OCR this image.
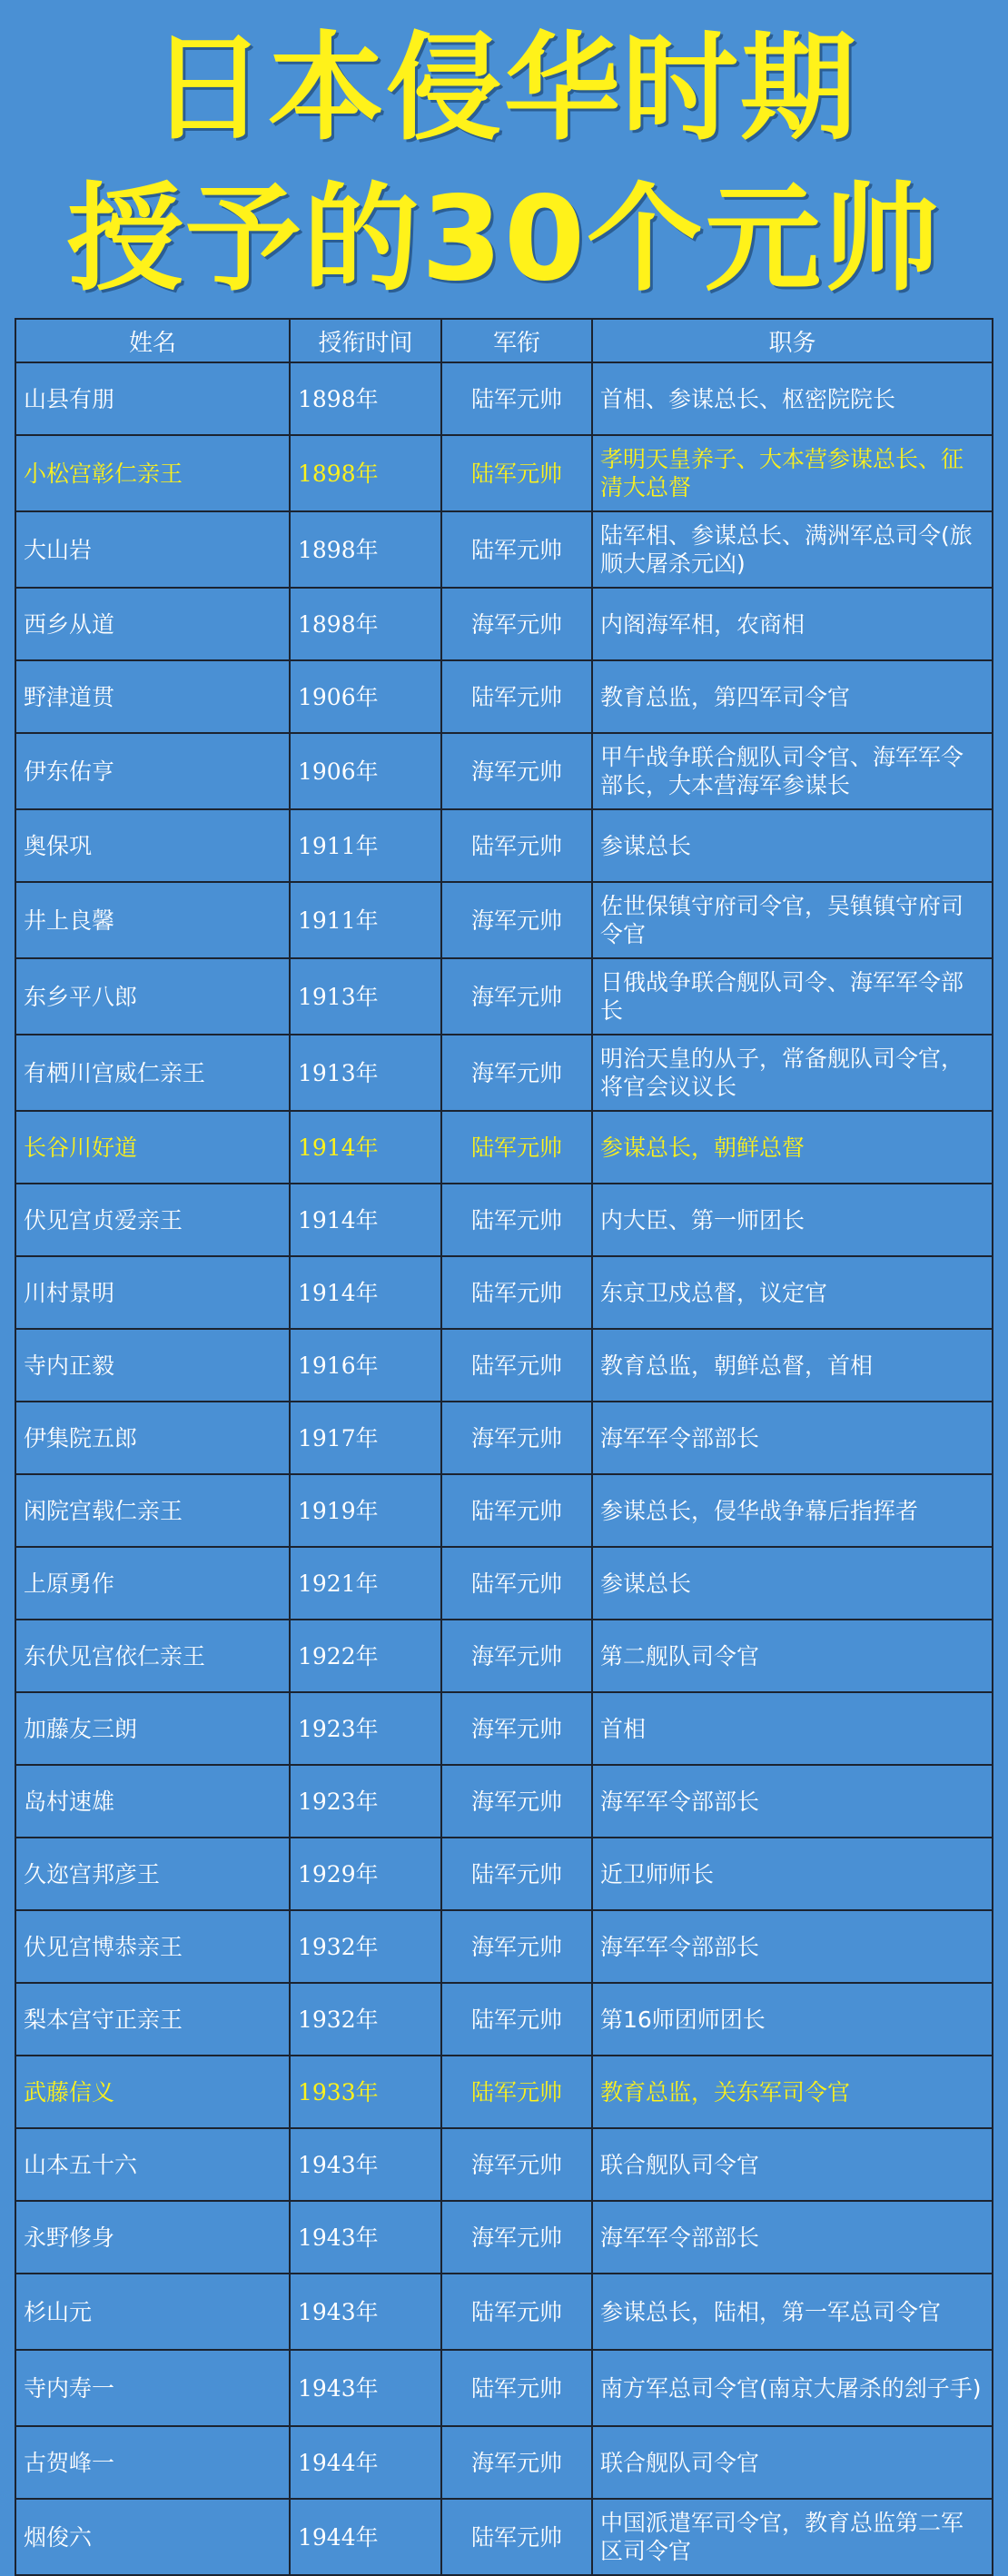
日本侵华时期
授予的30个元帅
姓名	授衔时间	军衔	职务
山县有朋	1898年	陆军元帅	首相、参谋总长、枢密院院长
小松宫彰仁亲王	1898年	陆军元帅	孝明天皇养子、大本营参谋总长、征清大总督
大山岩	1898年	陆军元帅	陆军相、参谋总长、满洲军总司令(旅顺大屠杀元凶)
西乡从道	1898年	海军元帅	内阁海军相，农商相
野津道贯	1906年	陆军元帅	教育总监，第四军司令官
伊东佑亨	1906年	海军元帅	甲午战争联合舰队司令官、海军军令部长，大本营海军参谋长
奥保巩	1911年	陆军元帅	参谋总长
井上良馨	1911年	海军元帅	佐世保镇守府司令官，吴镇镇守府司令官
东乡平八郎	1913年	海军元帅	日俄战争联合舰队司令、海军军令部长
有栖川宫威仁亲王	1913年	海军元帅	明治天皇的从子，常备舰队司令官，将官会议议长
长谷川好道	1914年	陆军元帅	参谋总长，朝鲜总督
伏见宫贞爱亲王	1914年	陆军元帅	内大臣、第一师团长
川村景明	1914年	陆军元帅	东京卫戍总督，议定官
寺内正毅	1916年	陆军元帅	教育总监，朝鲜总督，首相
伊集院五郎	1917年	海军元帅	海军军令部部长
闲院宫载仁亲王	1919年	陆军元帅	参谋总长，侵华战争幕后指挥者
上原勇作	1921年	陆军元帅	参谋总长
东伏见宫依仁亲王	1922年	海军元帅	第二舰队司令官
加藤友三朗	1923年	海军元帅	首相
岛村速雄	1923年	海军元帅	海军军令部部长
久迩宫邦彦王	1929年	陆军元帅	近卫师师长
伏见宫博恭亲王	1932年	海军元帅	海军军令部部长
梨本宫守正亲王	1932年	陆军元帅	第16师团师团长
武藤信义	1933年	陆军元帅	教育总监，关东军司令官
山本五十六	1943年	海军元帅	联合舰队司令官
永野修身	1943年	海军元帅	海军军令部部长
杉山元	1943年	陆军元帅	参谋总长，陆相，第一军总司令官
寺内寿一	1943年	陆军元帅	南方军总司令官(南京大屠杀的刽子手)
古贺峰一	1944年	海军元帅	联合舰队司令官
烟俊六	1944年	陆军元帅	中国派遣军司令官，教育总监第二军区司令官
